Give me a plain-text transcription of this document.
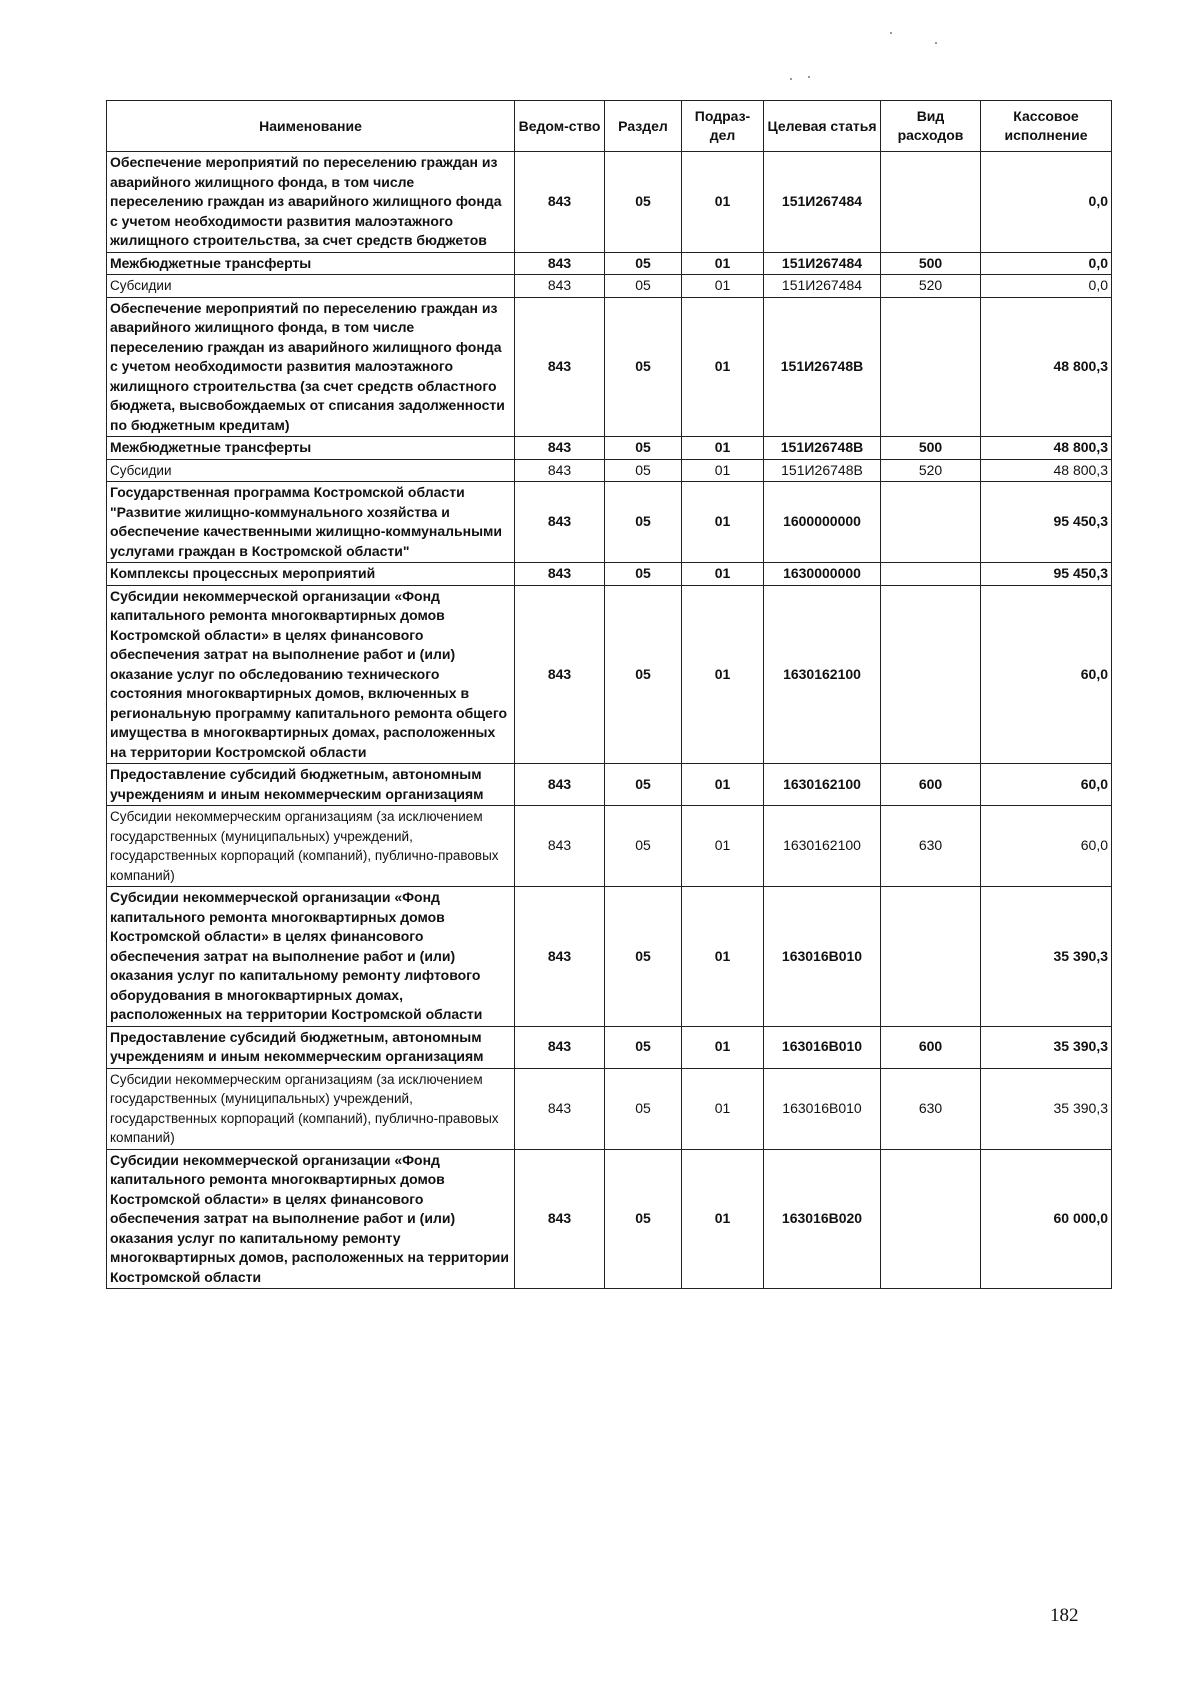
Наименование	Ведом-ство	Раздел	Подраз-дел	Целевая статья	Вид расходов	Кассовое исполнение
Обеспечение мероприятий по переселению граждан из аварийного жилищного фонда, в том числе переселению граждан из аварийного жилищного фонда с учетом необходимости развития малоэтажного жилищного строительства, за счет средств бюджетов	843	05	01	151И267484		0,0
Межбюджетные трансферты	843	05	01	151И267484	500	0,0
Субсидии	843	05	01	151И267484	520	0,0
Обеспечение мероприятий по переселению граждан из аварийного жилищного фонда, в том числе переселению граждан из аварийного жилищного фонда с учетом необходимости развития малоэтажного жилищного строительства (за счет средств областного бюджета, высвобождаемых от списания задолженности по бюджетным кредитам)	843	05	01	151И26748В		48 800,3
Межбюджетные трансферты	843	05	01	151И26748В	500	48 800,3
Субсидии	843	05	01	151И26748В	520	48 800,3
Государственная программа Костромской области "Развитие жилищно-коммунального хозяйства и обеспечение качественными жилищно-коммунальными услугами граждан в Костромской области"	843	05	01	1600000000		95 450,3
Комплексы процессных мероприятий	843	05	01	1630000000		95 450,3
Субсидии некоммерческой организации «Фонд капитального ремонта многоквартирных домов Костромской области» в целях финансового обеспечения затрат на выполнение работ и (или) оказание услуг по обследованию технического состояния многоквартирных домов, включенных в региональную программу капитального ремонта общего имущества в многоквартирных домах, расположенных на территории Костромской области	843	05	01	1630162100		60,0
Предоставление субсидий бюджетным, автономным учреждениям и иным некоммерческим организациям	843	05	01	1630162100	600	60,0
Субсидии некоммерческим организациям (за исключением государственных (муниципальных) учреждений, государственных корпораций (компаний), публично-правовых компаний)	843	05	01	1630162100	630	60,0
Субсидии некоммерческой организации «Фонд капитального ремонта многоквартирных домов Костромской области» в целях финансового обеспечения затрат на выполнение работ и (или) оказания услуг по капитальному ремонту лифтового оборудования в многоквартирных домах, расположенных на территории Костромской области	843	05	01	163016В010		35 390,3
Предоставление субсидий бюджетным, автономным учреждениям и иным некоммерческим организациям	843	05	01	163016В010	600	35 390,3
Субсидии некоммерческим организациям (за исключением государственных (муниципальных) учреждений, государственных корпораций (компаний), публично-правовых компаний)	843	05	01	163016В010	630	35 390,3
Субсидии некоммерческой организации «Фонд капитального ремонта многоквартирных домов Костромской области» в целях финансового обеспечения затрат на выполнение работ и (или) оказания услуг по капитальному ремонту многоквартирных домов, расположенных на территории Костромской области	843	05	01	163016В020		60 000,0
182
